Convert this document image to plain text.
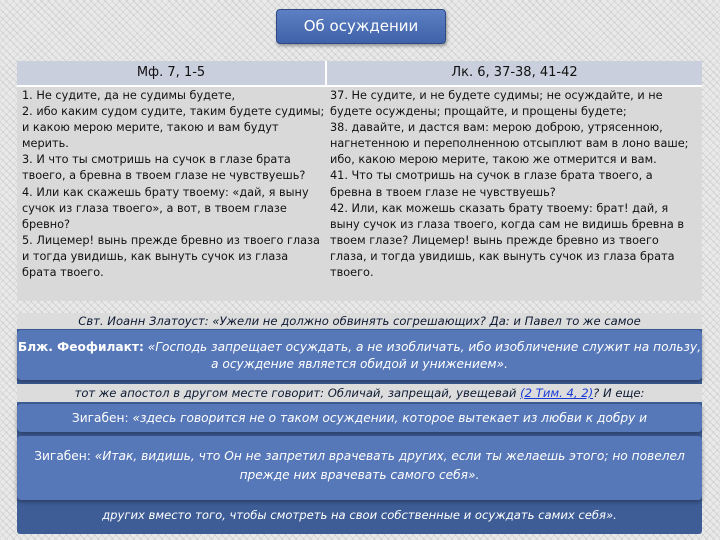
Об осуждении
Мф. 7, 1-5	Лк. 6, 37-38, 41-42
1. Не судите, да не судимы будете,
2. ибо каким судом судите, таким будете судимы; и какою мерою мерите, такою и вам будут мерить.
3. И что ты смотришь на сучок в глазе брата твоего, а бревна в твоем глазе не чувствуешь?
4. Или как скажешь брату твоему: «дай, я выну сучок из глаза твоего», а вот, в твоем глазе бревно?
5. Лицемер! вынь прежде бревно из твоего глаза и тогда увидишь, как вынуть сучок из глаза брата твоего.
37. Не судите, и не будете судимы; не осуждайте, и не будете осуждены; прощайте, и прощены будете;
38. давайте, и дастся вам: мерою доброю, утрясенною, нагнетенною и переполненною отсыплют вам в лоно ваше; ибо, какою мерою мерите, такою же отмерится и вам.
41. Что ты смотришь на сучок в глазе брата твоего, а бревна в твоем глазе не чувствуешь?
42. Или, как можешь сказать брату твоему: брат! дай, я выну сучок из глаза твоего, когда сам не видишь бревна в твоем глазе? Лицемер! вынь прежде бревно из твоего глаза, и тогда увидишь, как вынуть сучок из глаза брата твоего.
Свт. Иоанн Златоуст: «Ужели не должно обвинять согрешающих? Да: и Павел то же самое
Блж. Феофилакт: «Господь запрещает осуждать, а не изобличать, ибо изобличение служит на пользу, а осуждение является обидой и унижением».
тот же апостол в другом месте говорит: Обличай, запрещай, увещевай (2 Тим. 4, 2)? И еще:
Зигабен: «здесь говорится не о таком осуждении, которое вытекает из любви к добру и
Зигабен: «Итак, видишь, что Он не запретил врачевать других, если ты желаешь этого; но повелел прежде них врачевать самого себя».
других вместо того, чтобы смотреть на свои собственные и осуждать самих себя».
